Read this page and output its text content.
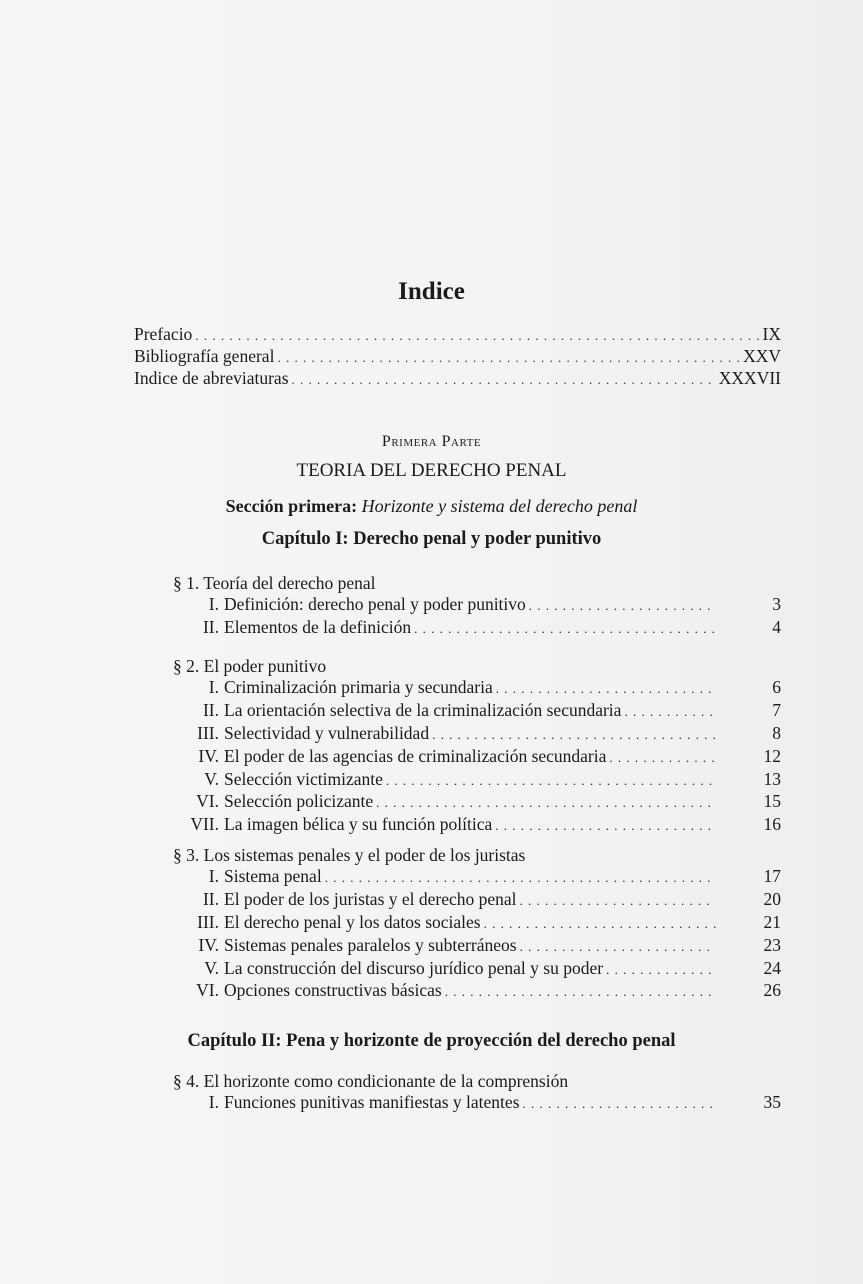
Indice
Prefacio . . .	IX
Bibliografía general . . .	XXV
Indice de abreviaturas . . .	XXXVII
Primera Parte
TEORIA DEL DERECHO PENAL
Sección primera: Horizonte y sistema del derecho penal
Capítulo I: Derecho penal y poder punitivo
§ 1. Teoría del derecho penal
I. Definición: derecho penal y poder punitivo . . .	3
II. Elementos de la definición . . .	4
§ 2. El poder punitivo
I. Criminalización primaria y secundaria . . .	6
II. La orientación selectiva de la criminalización secundaria . . .	7
III. Selectividad y vulnerabilidad . . .	8
IV. El poder de las agencias de criminalización secundaria . . .	12
V. Selección victimizante . . .	13
VI. Selección policizante . . .	15
VII. La imagen bélica y su función política . . .	16
§ 3. Los sistemas penales y el poder de los juristas
I. Sistema penal . . .	17
II. El poder de los juristas y el derecho penal . . .	20
III. El derecho penal y los datos sociales . . .	21
IV. Sistemas penales paralelos y subterráneos . . .	23
V. La construcción del discurso jurídico penal y su poder . . .	24
VI. Opciones constructivas básicas . . .	26
Capítulo II: Pena y horizonte de proyección del derecho penal
§ 4. El horizonte como condicionante de la comprensión
I. Funciones punitivas manifiestas y latentes . . .	35
